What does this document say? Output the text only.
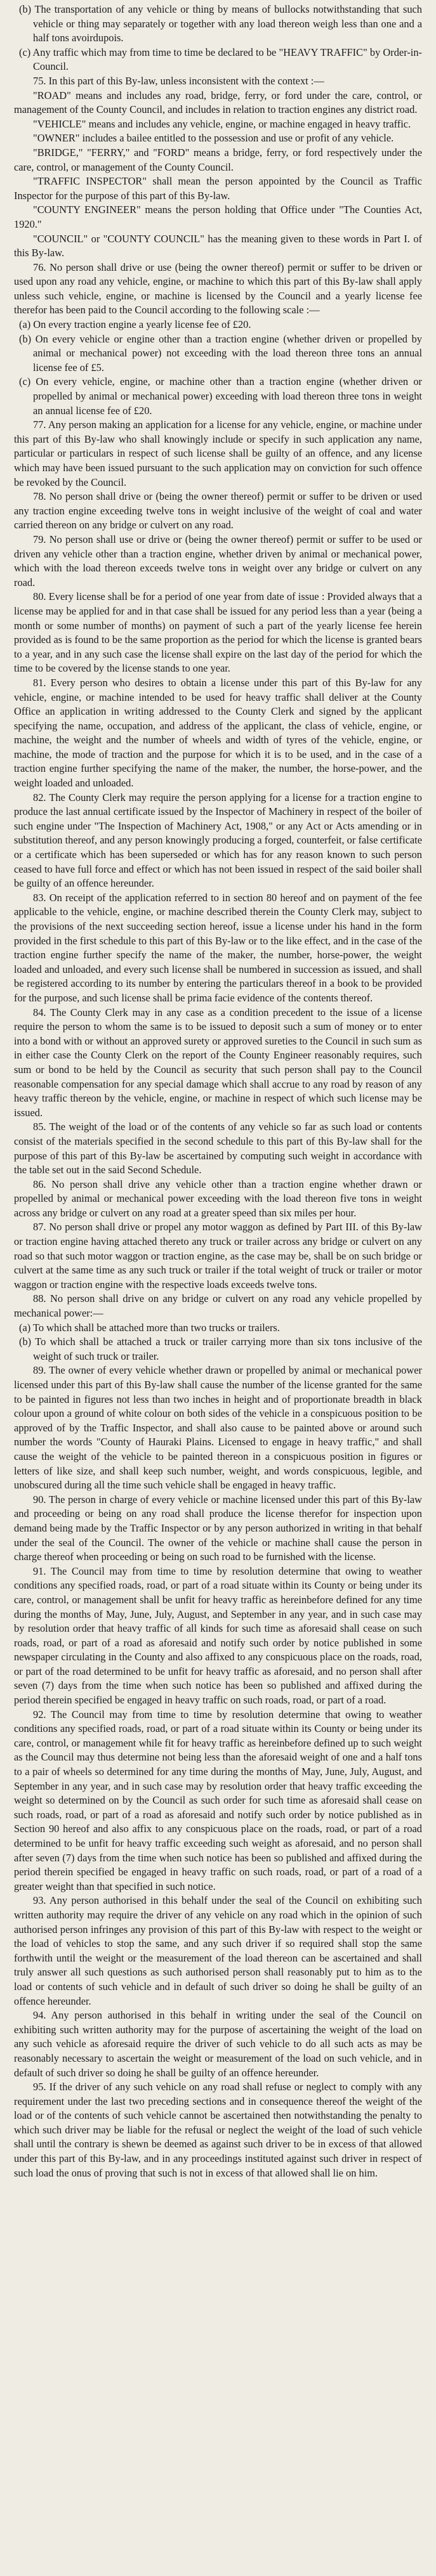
(b) The transportation of any vehicle or thing by means of bullocks notwithstanding that such vehicle or thing may separately or together with any load thereon weigh less than one and a half tons avoirdupois.

(c) Any traffic which may from time to time be declared to be "HEAVY TRAFFIC" by Order-in-Council.

75. In this part of this By-law, unless inconsistent with the context :—

"ROAD" means and includes any road, bridge, ferry, or ford under the care, control, or management of the County Council, and includes in relation to traction engines any district road.

"VEHICLE" means and includes any vehicle, engine, or machine engaged in heavy traffic.

"OWNER" includes a bailee entitled to the possession and use or profit of any vehicle.

"BRIDGE," "FERRY," and "FORD" means a bridge, ferry, or ford respectively under the care, control, or management of the County Council.

"TRAFFIC INSPECTOR" shall mean the person appointed by the Council as Traffic Inspector for the purpose of this part of this By-law.

"COUNTY ENGINEER" means the person holding that Office under "The Counties Act, 1920."

"COUNCIL" or "COUNTY COUNCIL" has the meaning given to these words in Part I. of this By-law.

76. No person shall drive or use (being the owner thereof) permit or suffer to be driven or used upon any road any vehicle, engine, or machine to which this part of this By-law shall apply unless such vehicle, engine, or machine is licensed by the Council and a yearly license fee therefor has been paid to the Council according to the following scale :—

(a) On every traction engine a yearly license fee of £20.

(b) On every vehicle or engine other than a traction engine (whether driven or propelled by animal or mechanical power) not exceeding with the load thereon three tons an annual license fee of £5.

(c) On every vehicle, engine, or machine other than a traction engine (whether driven or propelled by animal or mechanical power) exceeding with load thereon three tons in weight an annual license fee of £20.

77. Any person making an application for a license for any vehicle, engine, or machine under this part of this By-law who shall knowingly include or specify in such application any name, particular or particulars in respect of such license shall be guilty of an offence, and any license which may have been issued pursuant to the such application may on conviction for such offence be revoked by the Council.

78. No person shall drive or (being the owner thereof) permit or suffer to be driven or used any traction engine exceeding twelve tons in weight inclusive of the weight of coal and water carried thereon on any bridge or culvert on any road.

79. No person shall use or drive or (being the owner thereof) permit or suffer to be used or driven any vehicle other than a traction engine, whether driven by animal or mechanical power, which with the load thereon exceeds twelve tons in weight over any bridge or culvert on any road.

80. Every license shall be for a period of one year from date of issue : Provided always that a license may be applied for and in that case shall be issued for any period less than a year (being a month or some number of months) on payment of such a part of the yearly license fee herein provided as is found to be the same proportion as the period for which the license is granted bears to a year, and in any such case the license shall expire on the last day of the period for which the time to be covered by the license stands to one year.

81. Every person who desires to obtain a license under this part of this By-law for any vehicle, engine, or machine intended to be used for heavy traffic shall deliver at the County Office an application in writing addressed to the County Clerk and signed by the applicant specifying the name, occupation, and address of the applicant, the class of vehicle, engine, or machine, the weight and the number of wheels and width of tyres of the vehicle, engine, or machine, the mode of traction and the purpose for which it is to be used, and in the case of a traction engine further specifying the name of the maker, the number, the horse-power, and the weight loaded and unloaded.

82. The County Clerk may require the person applying for a license for a traction engine to produce the last annual certificate issued by the Inspector of Machinery in respect of the boiler of such engine under "The Inspection of Machinery Act, 1908," or any Act or Acts amending or in substitution thereof, and any person knowingly producing a forged, counterfeit, or false certificate or a certificate which has been superseded or which has for any reason known to such person ceased to have full force and effect or which has not been issued in respect of the said boiler shall be guilty of an offence hereunder.

83. On receipt of the application referred to in section 80 hereof and on payment of the fee applicable to the vehicle, engine, or machine described therein the County Clerk may, subject to the provisions of the next succeeding section hereof, issue a license under his hand in the form provided in the first schedule to this part of this By-law or to the like effect, and in the case of the traction engine further specify the name of the maker, the number, horse-power, the weight loaded and unloaded, and every such license shall be numbered in succession as issued, and shall be registered according to its number by entering the particulars thereof in a book to be provided for the purpose, and such license shall be prima facie evidence of the contents thereof.

84. The County Clerk may in any case as a condition precedent to the issue of a license require the person to whom the same is to be issued to deposit such a sum of money or to enter into a bond with or without an approved surety or approved sureties to the Council in such sum as in either case the County Clerk on the report of the County Engineer reasonably requires, such sum or bond to be held by the Council as security that such person shall pay to the Council reasonable compensation for any special damage which shall accrue to any road by reason of any heavy traffic thereon by the vehicle, engine, or machine in respect of which such license may be issued.

85. The weight of the load or of the contents of any vehicle so far as such load or contents consist of the materials specified in the second schedule to this part of this By-law shall for the purpose of this part of this By-law be ascertained by computing such weight in accordance with the table set out in the said Second Schedule.

86. No person shall drive any vehicle other than a traction engine whether drawn or propelled by animal or mechanical power exceeding with the load thereon five tons in weight across any bridge or culvert on any road at a greater speed than six miles per hour.

87. No person shall drive or propel any motor waggon as defined by Part III. of this By-law or traction engine having attached thereto any truck or trailer across any bridge or culvert on any road so that such motor waggon or traction engine, as the case may be, shall be on such bridge or culvert at the same time as any such truck or trailer if the total weight of truck or trailer or motor waggon or traction engine with the respective loads exceeds twelve tons.

88. No person shall drive on any bridge or culvert on any road any vehicle propelled by mechanical power:—

(a) To which shall be attached more than two trucks or trailers.

(b) To which shall be attached a truck or trailer carrying more than six tons inclusive of the weight of such truck or trailer.

89. The owner of every vehicle whether drawn or propelled by animal or mechanical power licensed under this part of this By-law shall cause the number of the license granted for the same to be painted in figures not less than two inches in height and of proportionate breadth in black colour upon a ground of white colour on both sides of the vehicle in a conspicuous position to be approved of by the Traffic Inspector, and shall also cause to be painted above or around such number the words "County of Hauraki Plains. Licensed to engage in heavy traffic," and shall cause the weight of the vehicle to be painted thereon in a conspicuous position in figures or letters of like size, and shall keep such number, weight, and words conspicuous, legible, and unobscured during all the time such vehicle shall be engaged in heavy traffic.

90. The person in charge of every vehicle or machine licensed under this part of this By-law and proceeding or being on any road shall produce the license therefor for inspection upon demand being made by the Traffic Inspector or by any person authorized in writing in that behalf under the seal of the Council. The owner of the vehicle or machine shall cause the person in charge thereof when proceeding or being on such road to be furnished with the license.

91. The Council may from time to time by resolution determine that owing to weather conditions any specified roads, road, or part of a road situate within its County or being under its care, control, or management shall be unfit for heavy traffic as hereinbefore defined for any time during the months of May, June, July, August, and September in any year, and in such case may by resolution order that heavy traffic of all kinds for such time as aforesaid shall cease on such roads, road, or part of a road as aforesaid and notify such order by notice published in some newspaper circulating in the County and also affixed to any conspicuous place on the roads, road, or part of the road determined to be unfit for heavy traffic as aforesaid, and no person shall after seven (7) days from the time when such notice has been so published and affixed during the period therein specified be engaged in heavy traffic on such roads, road, or part of a road.

92. The Council may from time to time by resolution determine that owing to weather conditions any specified roads, road, or part of a road situate within its County or being under its care, control, or management while fit for heavy traffic as hereinbefore defined up to such weight as the Council may thus determine not being less than the aforesaid weight of one and a half tons to a pair of wheels so determined for any time during the months of May, June, July, August, and September in any year, and in such case may by resolution order that heavy traffic exceeding the weight so determined on by the Council as such order for such time as aforesaid shall cease on such roads, road, or part of a road as aforesaid and notify such order by notice published as in Section 90 hereof and also affix to any conspicuous place on the roads, road, or part of a road determined to be unfit for heavy traffic exceeding such weight as aforesaid, and no person shall after seven (7) days from the time when such notice has been so published and affixed during the period therein specified be engaged in heavy traffic on such roads, road, or part of a road of a greater weight than that specified in such notice.

93. Any person authorised in this behalf under the seal of the Council on exhibiting such written authority may require the driver of any vehicle on any road which in the opinion of such authorised person infringes any provision of this part of this By-law with respect to the weight or the load of vehicles to stop the same, and any such driver if so required shall stop the same forthwith until the weight or the measurement of the load thereon can be ascertained and shall truly answer all such questions as such authorised person shall reasonably put to him as to the load or contents of such vehicle and in default of such driver so doing he shall be guilty of an offence hereunder.

94. Any person authorised in this behalf in writing under the seal of the Council on exhibiting such written authority may for the purpose of ascertaining the weight of the load on any such vehicle as aforesaid require the driver of such vehicle to do all such acts as may be reasonably necessary to ascertain the weight or measurement of the load on such vehicle, and in default of such driver so doing he shall be guilty of an offence hereunder.

95. If the driver of any such vehicle on any road shall refuse or neglect to comply with any requirement under the last two preceding sections and in consequence thereof the weight of the load or of the contents of such vehicle cannot be ascertained then notwithstanding the penalty to which such driver may be liable for the refusal or neglect the weight of the load of such vehicle shall until the contrary is shewn be deemed as against such driver to be in excess of that allowed under this part of this By-law, and in any proceedings instituted against such driver in respect of such load the onus of proving that such is not in excess of that allowed shall lie on him.
